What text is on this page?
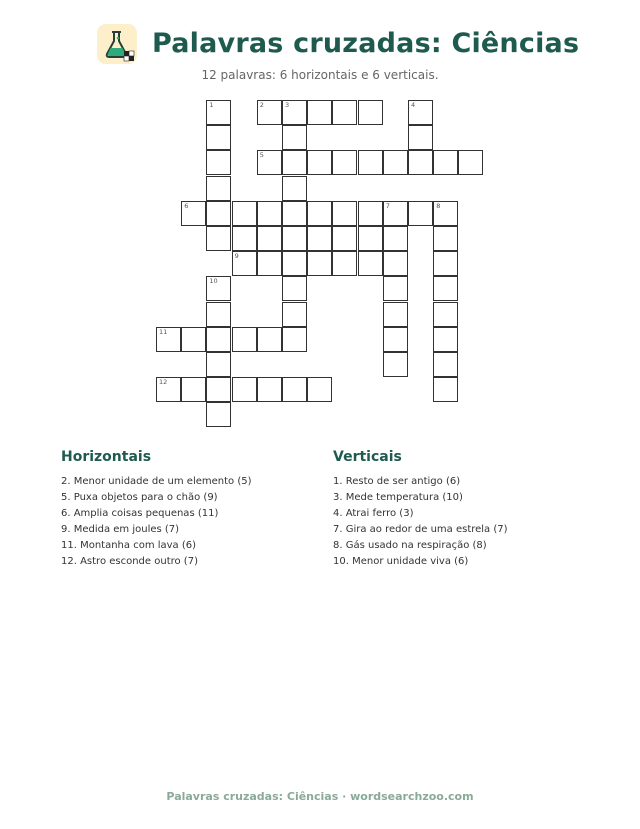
Palavras cruzadas: Ciências
12 palavras: 6 horizontais e 6 verticais.
1	2	3	4
5
6	7	8
9
10
11
12
Horizontais
2. Menor unidade de um elemento (5)
5. Puxa objetos para o chão (9)
6. Amplia coisas pequenas (11)
9. Medida em joules (7)
11. Montanha com lava (6)
12. Astro esconde outro (7)
Verticais
1. Resto de ser antigo (6)
3. Mede temperatura (10)
4. Atrai ferro (3)
7. Gira ao redor de uma estrela (7)
8. Gás usado na respiração (8)
10. Menor unidade viva (6)
Palavras cruzadas: Ciências · wordsearchzoo.com
